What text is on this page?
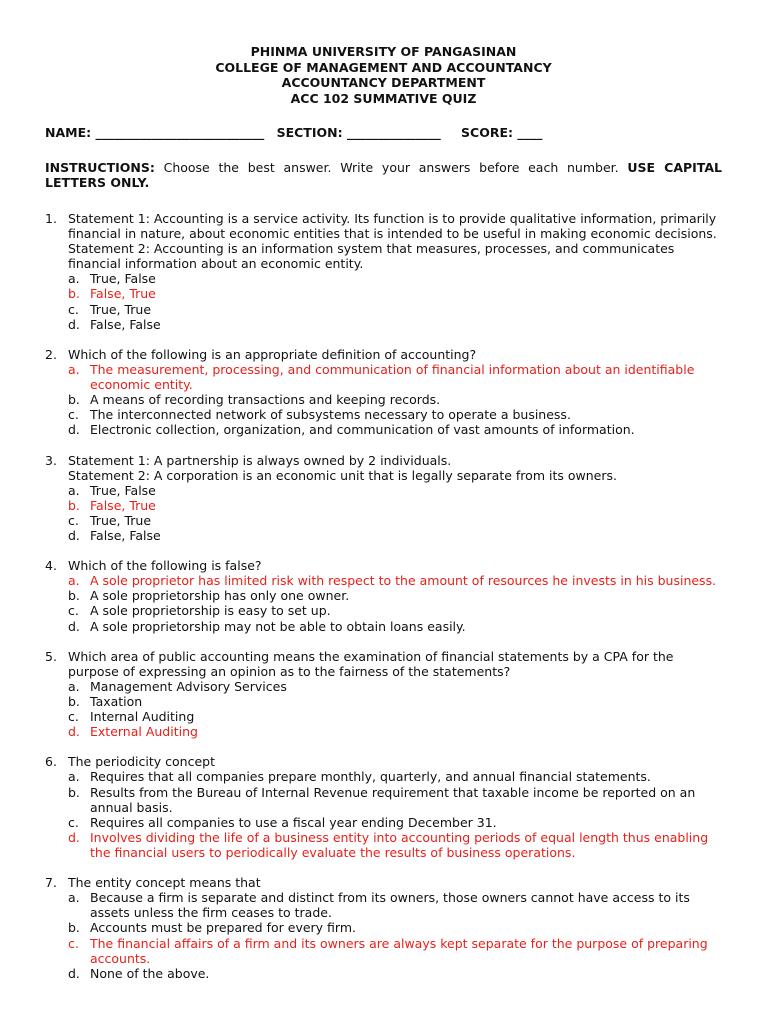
PHINMA UNIVERSITY OF PANGASINAN
COLLEGE OF MANAGEMENT AND ACCOUNTANCY
ACCOUNTANCY DEPARTMENT
ACC 102 SUMMATIVE QUIZ
NAME: ___________________________ SECTION: _______________ SCORE: ____
INSTRUCTIONS: Choose the best answer. Write your answers before each number. USE CAPITAL LETTERS ONLY.
1. Statement 1: Accounting is a service activity. Its function is to provide qualitative information, primarily financial in nature, about economic entities that is intended to be useful in making economic decisions.
Statement 2: Accounting is an information system that measures, processes, and communicates financial information about an economic entity.
a. True, False
b. False, True
c. True, True
d. False, False
2. Which of the following is an appropriate definition of accounting?
a. The measurement, processing, and communication of financial information about an identifiable economic entity.
b. A means of recording transactions and keeping records.
c. The interconnected network of subsystems necessary to operate a business.
d. Electronic collection, organization, and communication of vast amounts of information.
3. Statement 1: A partnership is always owned by 2 individuals.
Statement 2: A corporation is an economic unit that is legally separate from its owners.
a. True, False
b. False, True
c. True, True
d. False, False
4. Which of the following is false?
a. A sole proprietor has limited risk with respect to the amount of resources he invests in his business.
b. A sole proprietorship has only one owner.
c. A sole proprietorship is easy to set up.
d. A sole proprietorship may not be able to obtain loans easily.
5. Which area of public accounting means the examination of financial statements by a CPA for the purpose of expressing an opinion as to the fairness of the statements?
a. Management Advisory Services
b. Taxation
c. Internal Auditing
d. External Auditing
6. The periodicity concept
a. Requires that all companies prepare monthly, quarterly, and annual financial statements.
b. Results from the Bureau of Internal Revenue requirement that taxable income be reported on an annual basis.
c. Requires all companies to use a fiscal year ending December 31.
d. Involves dividing the life of a business entity into accounting periods of equal length thus enabling the financial users to periodically evaluate the results of business operations.
7. The entity concept means that
a. Because a firm is separate and distinct from its owners, those owners cannot have access to its assets unless the firm ceases to trade.
b. Accounts must be prepared for every firm.
c. The financial affairs of a firm and its owners are always kept separate for the purpose of preparing accounts.
d. None of the above.
